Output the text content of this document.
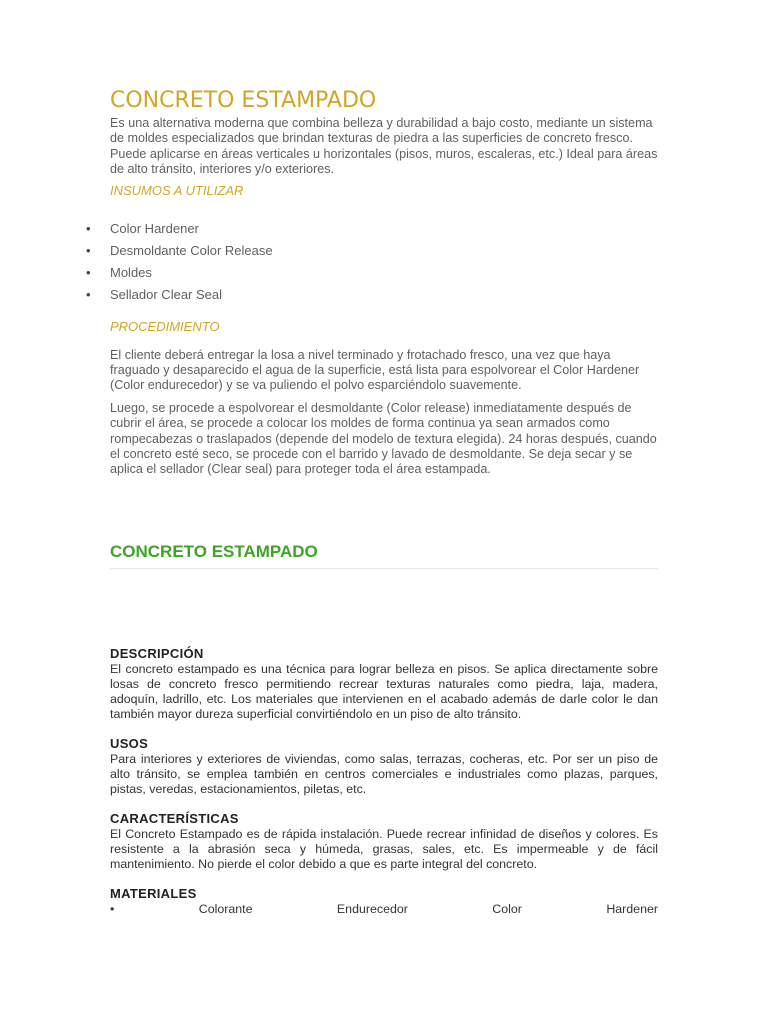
CONCRETO ESTAMPADO

Es una alternativa moderna que combina belleza y durabilidad a bajo costo, mediante un sistema de moldes especializados que brindan texturas de piedra a las superficies de concreto fresco. Puede aplicarse en áreas verticales u horizontales (pisos, muros, escaleras, etc.) Ideal para áreas de alto tránsito, interiores y/o exteriores.

INSUMOS A UTILIZAR

• Color Hardener
• Desmoldante Color Release
• Moldes
• Sellador Clear Seal

PROCEDIMIENTO

El cliente deberá entregar la losa a nivel terminado y frotachado fresco, una vez que haya fraguado y desaparecido el agua de la superficie, está lista para espolvorear el Color Hardener (Color endurecedor) y se va puliendo el polvo esparciéndolo suavemente.

Luego, se procede a espolvorear el desmoldante (Color release) inmediatamente después de cubrir el área, se procede a colocar los moldes de forma continua ya sean armados como rompecabezas o traslapados (depende del modelo de textura elegida). 24 horas después, cuando el concreto esté seco, se procede con el barrido y lavado de desmoldante. Se deja secar y se aplica el sellador (Clear seal) para proteger toda el área estampada.

CONCRETO ESTAMPADO
DESCRIPCIÓN

El concreto estampado es una técnica para lograr belleza en pisos. Se aplica directamente sobre losas de concreto fresco permitiendo recrear texturas naturales como piedra, laja, madera, adoquín, ladrillo, etc. Los materiales que intervienen en el acabado además de darle color le dan también mayor dureza superficial convirtiéndolo en un piso de alto tránsito.

USOS

Para interiores y exteriores de viviendas, como salas, terrazas, cocheras, etc. Por ser un piso de alto tránsito, se emplea también en centros comerciales e industriales como plazas, parques, pistas, veredas, estacionamientos, piletas, etc.

CARACTERÍSTICAS

El Concreto Estampado es de rápida instalación. Puede recrear infinidad de diseños y colores. Es resistente a la abrasión seca y húmeda, grasas, sales, etc. Es impermeable y de fácil mantenimiento. No pierde el color debido a que es parte integral del concreto.

MATERIALES
•	Colorante	Endurecedor	Color	Hardener
